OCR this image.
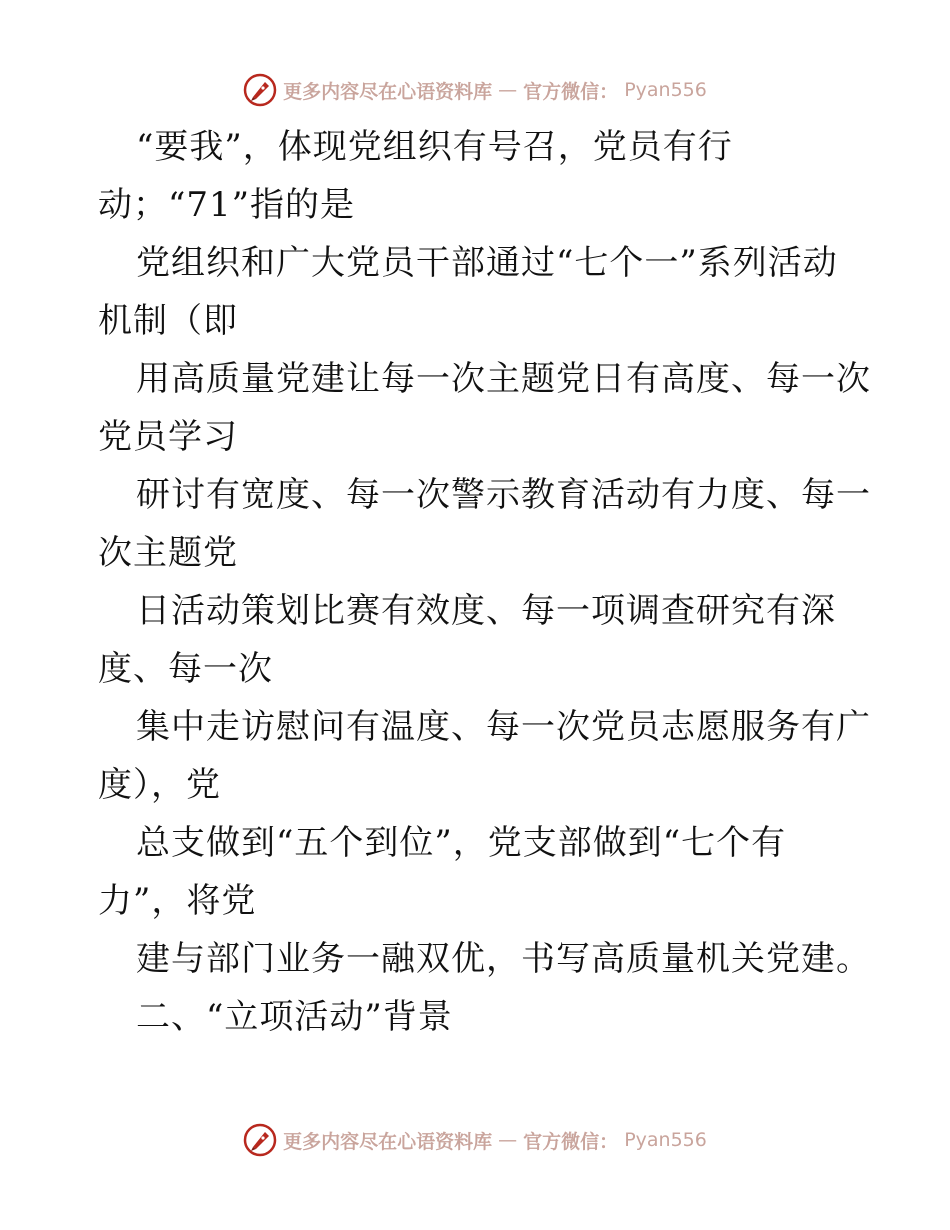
更多内容尽在心语资料库 — 官方微信： Pyan556
“要我”，体现党组织有号召，党员有行
动；“71”指的是
党组织和广大党员干部通过“七个一”系列活动
机制（即
用高质量党建让每一次主题党日有高度、每一次
党员学习
研讨有宽度、每一次警示教育活动有力度、每一
次主题党
日活动策划比赛有效度、每一项调查研究有深
度、每一次
集中走访慰问有温度、每一次党员志愿服务有广
度），党
总支做到“五个到位”，党支部做到“七个有
力”，将党
建与部门业务一融双优，书写高质量机关党建。
二、“立项活动”背景
更多内容尽在心语资料库 — 官方微信： Pyan556
